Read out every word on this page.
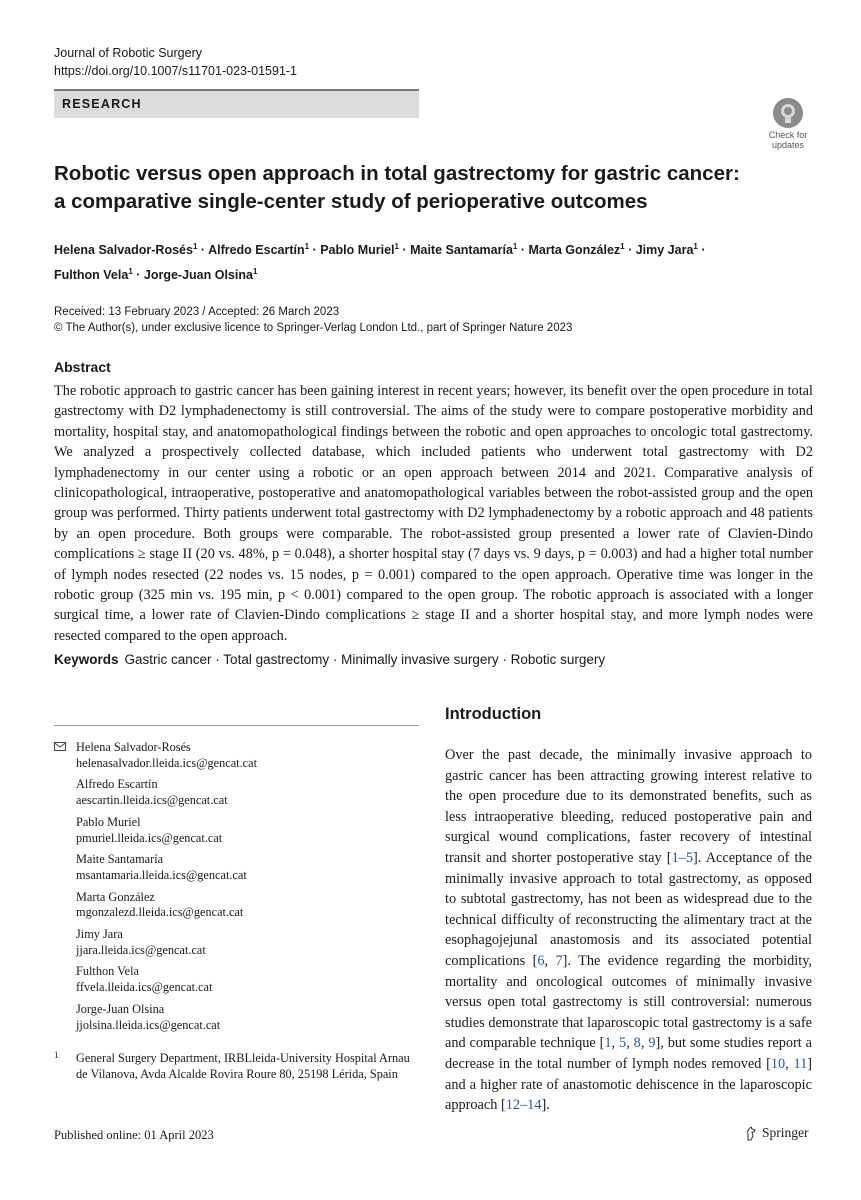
Journal of Robotic Surgery
https://doi.org/10.1007/s11701-023-01591-1
RESEARCH
Check for
updates
Robotic versus open approach in total gastrectomy for gastric cancer:
a comparative single-center study of perioperative outcomes
Helena Salvador-Rosés$^1$ · Alfredo Escartín$^1$ · Pablo Muriel$^1$ · Maite Santamaría$^1$ · Marta González$^1$ · Jimy Jara$^1$ ·
Fulthon Vela$^1$ · Jorge-Juan Olsina$^1$
Received: 13 February 2023 / Accepted: 26 March 2023
© The Author(s), under exclusive licence to Springer-Verlag London Ltd., part of Springer Nature 2023
Abstract

The robotic approach to gastric cancer has been gaining interest in recent years; however, its benefit over the open procedure in total gastrectomy with D2 lymphadenectomy is still controversial. The aims of the study were to compare postoperative morbidity and mortality, hospital stay, and anatomopathological findings between the robotic and open approaches to oncologic total gastrectomy. We analyzed a prospectively collected database, which included patients who underwent total gastrectomy with D2 lymphadenectomy in our center using a robotic or an open approach between 2014 and 2021. Comparative analysis of clinicopathological, intraoperative, postoperative and anatomopathological variables between the robot-assisted group and the open group was performed. Thirty patients underwent total gastrectomy with D2 lymphadenectomy by a robotic approach and 48 patients by an open procedure. Both groups were comparable. The robot-assisted group presented a lower rate of Clavien-Dindo complications ≥ stage II (20 vs. 48%, p = 0.048), a shorter hospital stay (7 days vs. 9 days, p = 0.003) and had a higher total number of lymph nodes resected (22 nodes vs. 15 nodes, p = 0.001) compared to the open approach. Operative time was longer in the robotic group (325 min vs. 195 min, p < 0.001) compared to the open group. The robotic approach is associated with a longer surgical time, a lower rate of Clavien-Dindo complications ≥ stage II and a shorter hospital stay, and more lymph nodes were resected compared to the open approach.

Keywords Gastric cancer · Total gastrectomy · Minimally invasive surgery · Robotic surgery
Helena Salvador-Rosés
helenasalvador.lleida.ics@gencat.cat
Alfredo Escartín
aescartin.lleida.ics@gencat.cat
Pablo Muriel
pmuriel.lleida.ics@gencat.cat
Maite Santamaría
msantamaria.lleida.ics@gencat.cat
Marta González
mgonzalezd.lleida.ics@gencat.cat
Jimy Jara
jjara.lleida.ics@gencat.cat
Fulthon Vela
ffvela.lleida.ics@gencat.cat
Jorge-Juan Olsina
jjolsina.lleida.ics@gencat.cat
1	General Surgery Department, IRBLleida-University Hospital Arnau de Vilanova, Avda Alcalde Rovira Roure 80, 25198 Lérida, Spain
Introduction

Over the past decade, the minimally invasive approach to gastric cancer has been attracting growing interest relative to the open procedure due to its demonstrated benefits, such as less intraoperative bleeding, reduced postoperative pain and surgical wound complications, faster recovery of intestinal transit and shorter postoperative stay [1–5]. Acceptance of the minimally invasive approach to total gastrectomy, as opposed to subtotal gastrectomy, has not been as widespread due to the technical difficulty of reconstructing the alimentary tract at the esophagojejunal anastomosis and its associated potential complications [6, 7]. The evidence regarding the morbidity, mortality and oncological outcomes of minimally invasive versus open total gastrectomy is still controversial: numerous studies demonstrate that laparoscopic total gastrectomy is a safe and comparable technique [1, 5, 8, 9], but some studies report a decrease in the total number of lymph nodes removed [10, 11] and a higher rate of anastomotic dehiscence in the laparoscopic approach [12–14].

Published online: 01 April 2023	Springer
